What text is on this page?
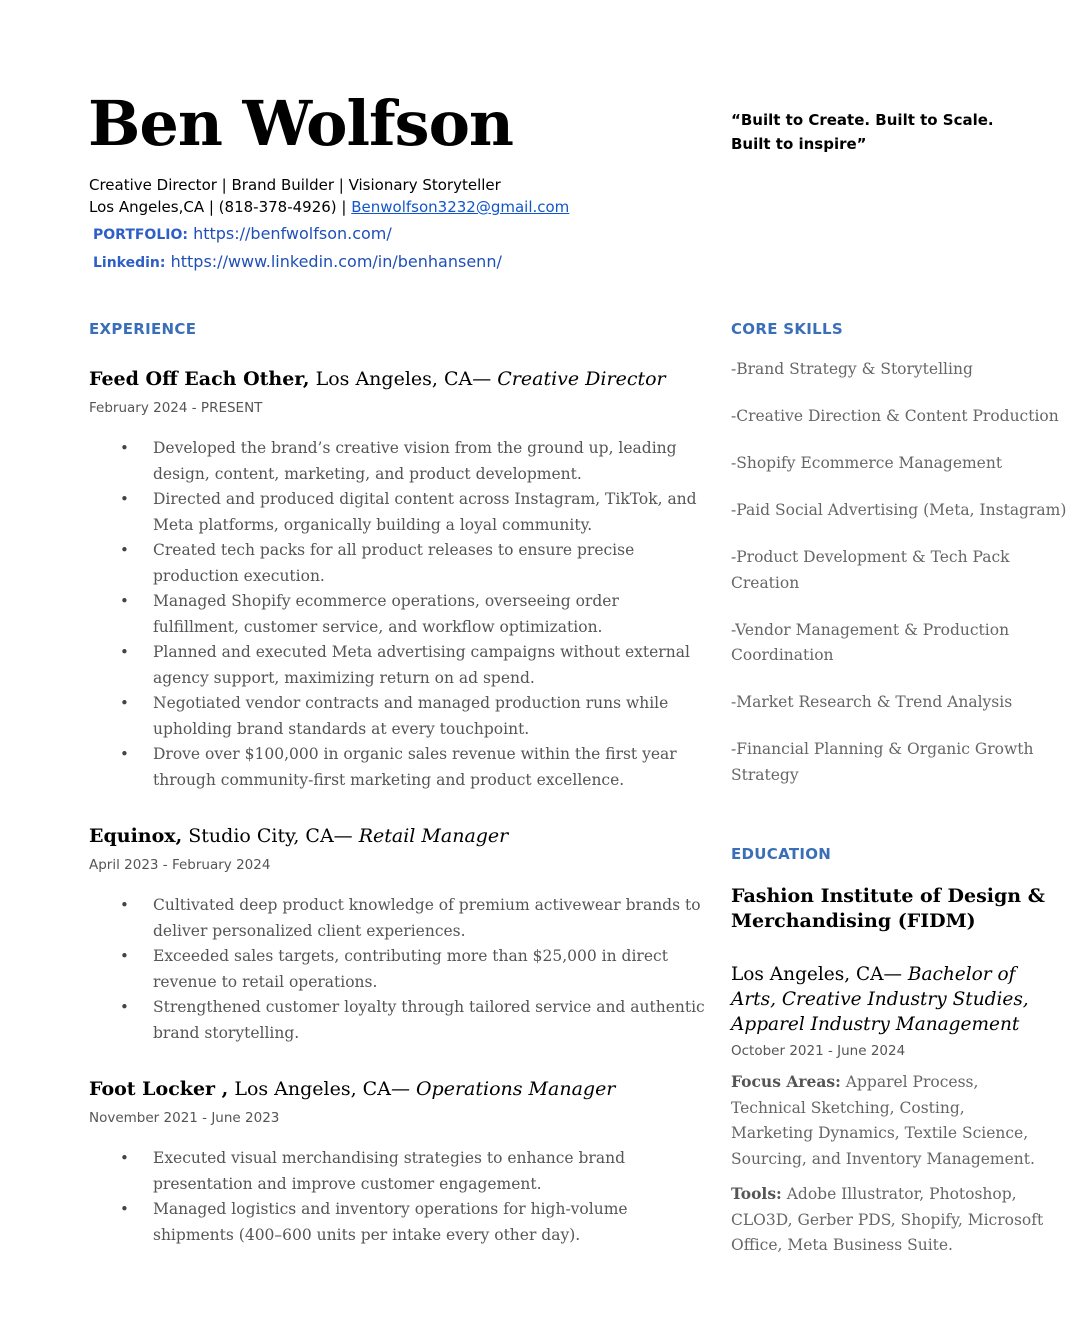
Ben Wolfson	“Built to Create. Built to Scale. Built to inspire”
Creative Director | Brand Builder | Visionary Storyteller
Los Angeles,CA | (818-378-4926) | Benwolfson3232@gmail.com
PORTFOLIO: https://benfwolfson.com/
Linkedin: https://www.linkedin.com/in/benhansenn/
EXPERIENCE
Feed Off Each Other, Los Angeles, CA— Creative Director
February 2024 - PRESENT
• Developed the brand’s creative vision from the ground up, leading design, content, marketing, and product development.
• Directed and produced digital content across Instagram, TikTok, and Meta platforms, organically building a loyal community.
• Created tech packs for all product releases to ensure precise production execution.
• Managed Shopify ecommerce operations, overseeing order fulfillment, customer service, and workflow optimization.
• Planned and executed Meta advertising campaigns without external agency support, maximizing return on ad spend.
• Negotiated vendor contracts and managed production runs while upholding brand standards at every touchpoint.
• Drove over $100,000 in organic sales revenue within the first year through community-first marketing and product excellence.
Equinox, Studio City, CA— Retail Manager
April 2023 - February 2024
• Cultivated deep product knowledge of premium activewear brands to deliver personalized client experiences.
• Exceeded sales targets, contributing more than $25,000 in direct revenue to retail operations.
• Strengthened customer loyalty through tailored service and authentic brand storytelling.
Foot Locker , Los Angeles, CA— Operations Manager
November 2021 - June 2023
• Executed visual merchandising strategies to enhance brand presentation and improve customer engagement.
• Managed logistics and inventory operations for high-volume shipments (400–600 units per intake every other day).
CORE SKILLS
-Brand Strategy & Storytelling
-Creative Direction & Content Production
-Shopify Ecommerce Management
-Paid Social Advertising (Meta, Instagram)
-Product Development & Tech Pack Creation
-Vendor Management & Production Coordination
-Market Research & Trend Analysis
-Financial Planning & Organic Growth Strategy
EDUCATION
Fashion Institute of Design & Merchandising (FIDM)
Los Angeles, CA— Bachelor of Arts, Creative Industry Studies, Apparel Industry Management
October 2021 - June 2024
Focus Areas: Apparel Process, Technical Sketching, Costing, Marketing Dynamics, Textile Science, Sourcing, and Inventory Management.
Tools: Adobe Illustrator, Photoshop, CLO3D, Gerber PDS, Shopify, Microsoft Office, Meta Business Suite.
